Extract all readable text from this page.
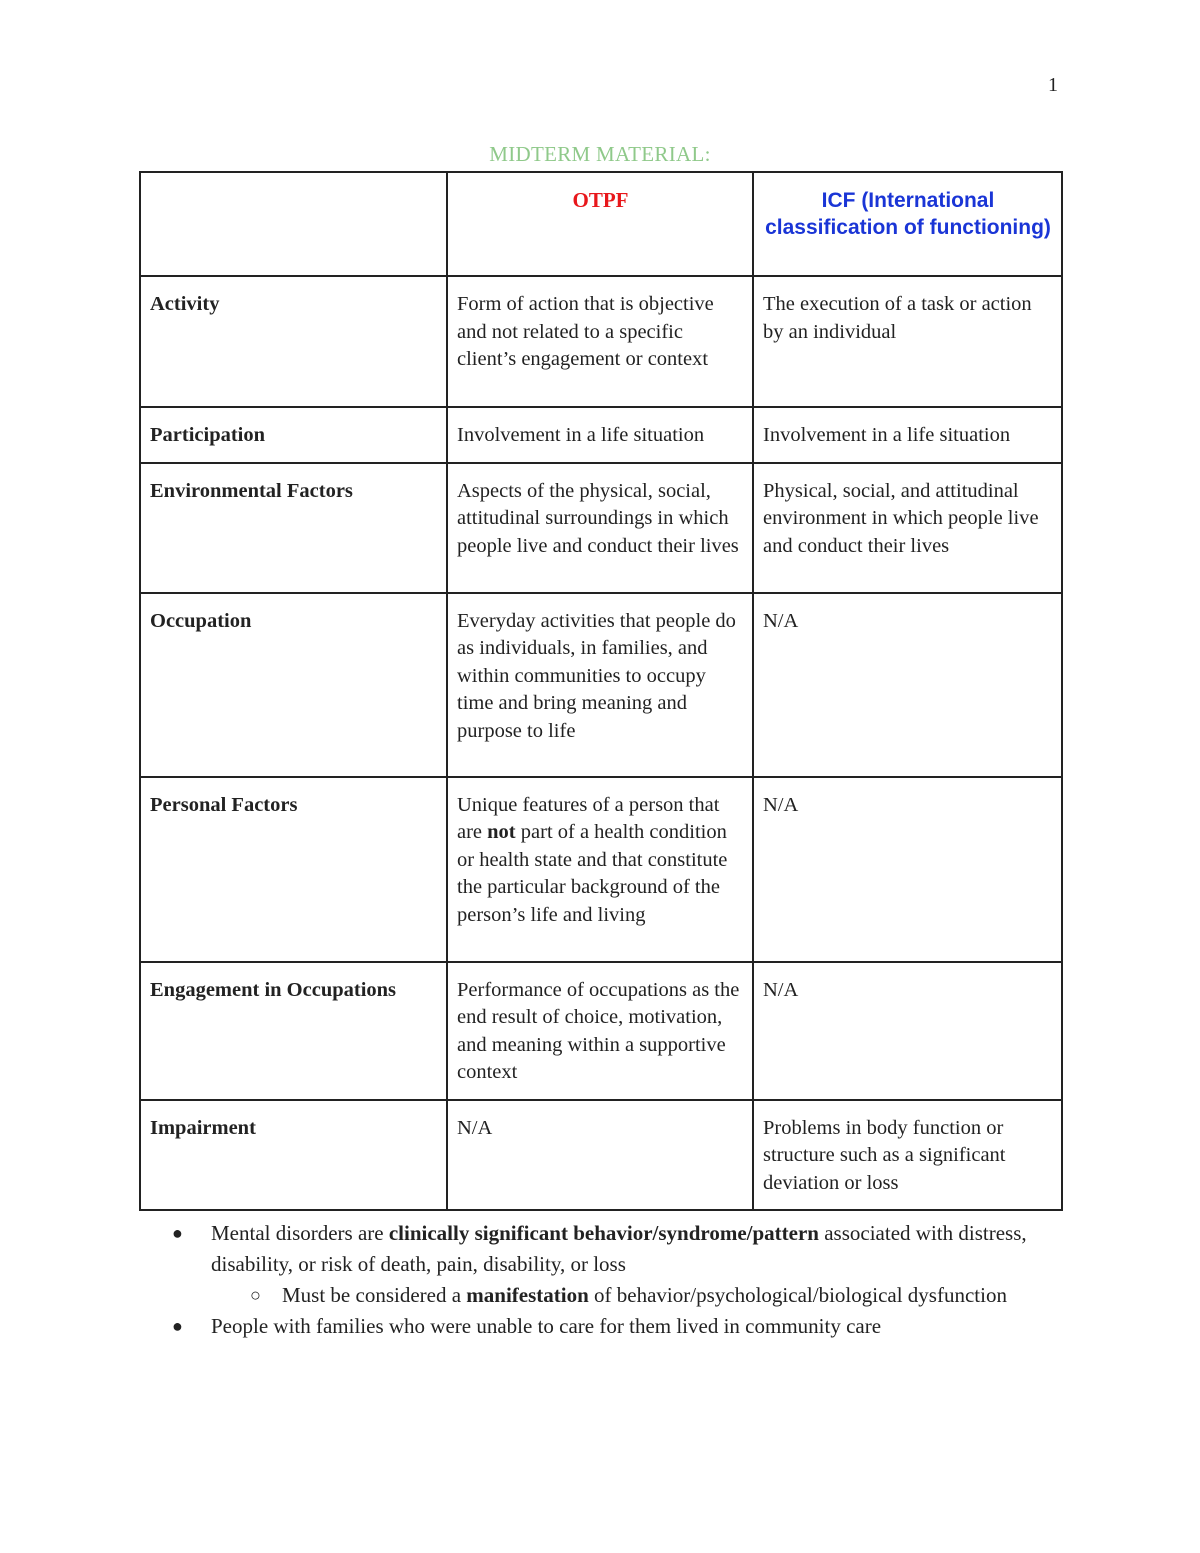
1
MIDTERM MATERIAL:

	OTPF	ICF (International classification of functioning)

Activity	Form of action that is objective and not related to a specific client’s engagement or context	The execution of a task or action by an individual
Participation	Involvement in a life situation	Involvement in a life situation
Environmental Factors	Aspects of the physical, social, attitudinal surroundings in which people live and conduct their lives	Physical, social, and attitudinal environment in which people live and conduct their lives
Occupation	Everyday activities that people do as individuals, in families, and within communities to occupy time and bring meaning and purpose to life	N/A
Personal Factors	Unique features of a person that are not part of a health condition or health state and that constitute the particular background of the person’s life and living	N/A
Engagement in Occupations	Performance of occupations as the end result of choice, motivation, and meaning within a supportive context	N/A
Impairment	N/A	Problems in body function or structure such as a significant deviation or loss
●	Mental disorders are clinically significant behavior/syndrome/pattern associated with distress, disability, or risk of death, pain, disability, or loss
○	Must be considered a manifestation of behavior/psychological/biological dysfunction
●	People with families who were unable to care for them lived in community care
